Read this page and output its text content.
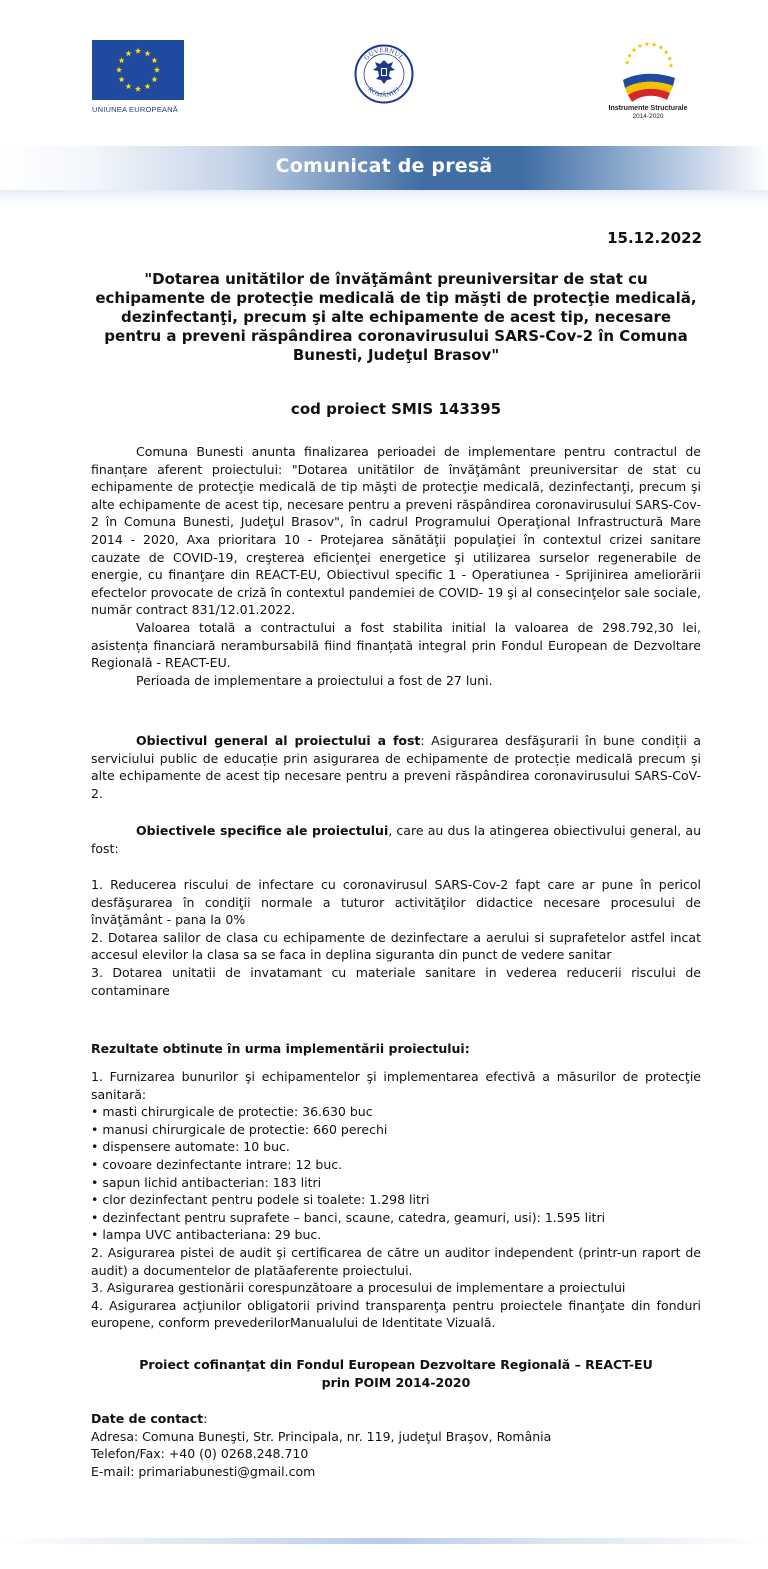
UNIUNEA EUROPEANĂ
GUVERNUL
ROMÂNIEI
Instrumente Structurale
2014-2020
Comunicat de presă
15.12.2022
"Dotarea unitătilor de învăţământ preuniversitar de stat cu echipamente de protecţie medicală de tip măşti de protecţie medicală, dezinfectanţi, precum şi alte echipamente de acest tip, necesare pentru a preveni răspândirea coronavirusului SARS-Cov-2 în Comuna Bunesti, Judeţul Brasov"
cod proiect SMIS 143395

Comuna Bunesti anunta finalizarea perioadei de implementare pentru contractul de finanțare aferent proiectului: "Dotarea unitătilor de învăţământ preuniversitar de stat cu echipamente de protecţie medicală de tip măşti de protecţie medicală, dezinfectanţi, precum şi alte echipamente de acest tip, necesare pentru a preveni răspândirea coronavirusului SARS-Cov-2 în Comuna Bunesti, Judeţul Brasov", în cadrul Programului Operaţional Infrastructură Mare 2014 - 2020, Axa prioritara 10 - Protejarea sănătăţii populaţiei în contextul crizei sanitare cauzate de COVID-19, creşterea eficienţei energetice şi utilizarea surselor regenerabile de energie, cu finanţare din REACT-EU, Obiectivul specific 1 - Operatiunea - Sprijinirea ameliorării efectelor provocate de criză în contextul pandemiei de COVID- 19 şi al consecinţelor sale sociale, număr contract 831/12.01.2022.

Valoarea totală a contractului a fost stabilita initial la valoarea de 298.792,30 lei, asistența financiară nerambursabilă fiind finanțată integral prin Fondul European de Dezvoltare Regională - REACT-EU.

Perioada de implementare a proiectului a fost de 27 luni.

Obiectivul general al proiectului a fost: Asigurarea desfăşurarii în bune condiții a serviciului public de educație prin asigurarea de echipamente de protecție medicală precum și alte echipamente de acest tip necesare pentru a preveni răspândirea coronavirusului SARS-CoV-2.

Obiectivele specifice ale proiectului, care au dus la atingerea obiectivului general, au fost:

1. Reducerea riscului de infectare cu coronavirusul SARS-Cov-2 fapt care ar pune în pericol desfăşurarea în condiţii normale a tuturor activităţilor didactice necesare procesului de învăţământ - pana la 0%

2. Dotarea salilor de clasa cu echipamente de dezinfectare a aerului si suprafetelor astfel incat accesul elevilor la clasa sa se faca in deplina siguranta din punct de vedere sanitar

3. Dotarea unitatii de invatamant cu materiale sanitare in vederea reducerii riscului de contaminare

Rezultate obtinute în urma implementării proiectului:

1. Furnizarea bunurilor şi echipamentelor şi implementarea efectivă a măsurilor de protecţie sanitară:

• masti chirurgicale de protectie: 36.630 buc
• manusi chirurgicale de protectie: 660 perechi
• dispensere automate: 10 buc.
• covoare dezinfectante intrare: 12 buc.
• sapun lichid antibacterian: 183 litri
• clor dezinfectant pentru podele si toalete: 1.298 litri
• dezinfectant pentru suprafete – banci, scaune, catedra, geamuri, usi): 1.595 litri
• lampa UVC antibacteriana: 29 buc.

2. Asigurarea pistei de audit şi certificarea de către un auditor independent (printr-un raport de audit) a documentelor de platăaferente proiectului.

3. Asigurarea gestionării corespunzătoare a procesului de implementare a proiectului

4. Asigurarea acţiunilor obligatorii privind transparenţa pentru proiectele finanţate din fonduri europene, conform prevederilorManualului de Identitate Vizuală.

Proiect cofinanţat din Fondul European Dezvoltare Regională – REACT-EU

prin POIM 2014-2020

Date de contact:

Adresa: Comuna Buneşti, Str. Principala, nr. 119, judeţul Braşov, România

Telefon/Fax: +40 (0) 0268.248.710

E-mail: primariabunesti@gmail.com
